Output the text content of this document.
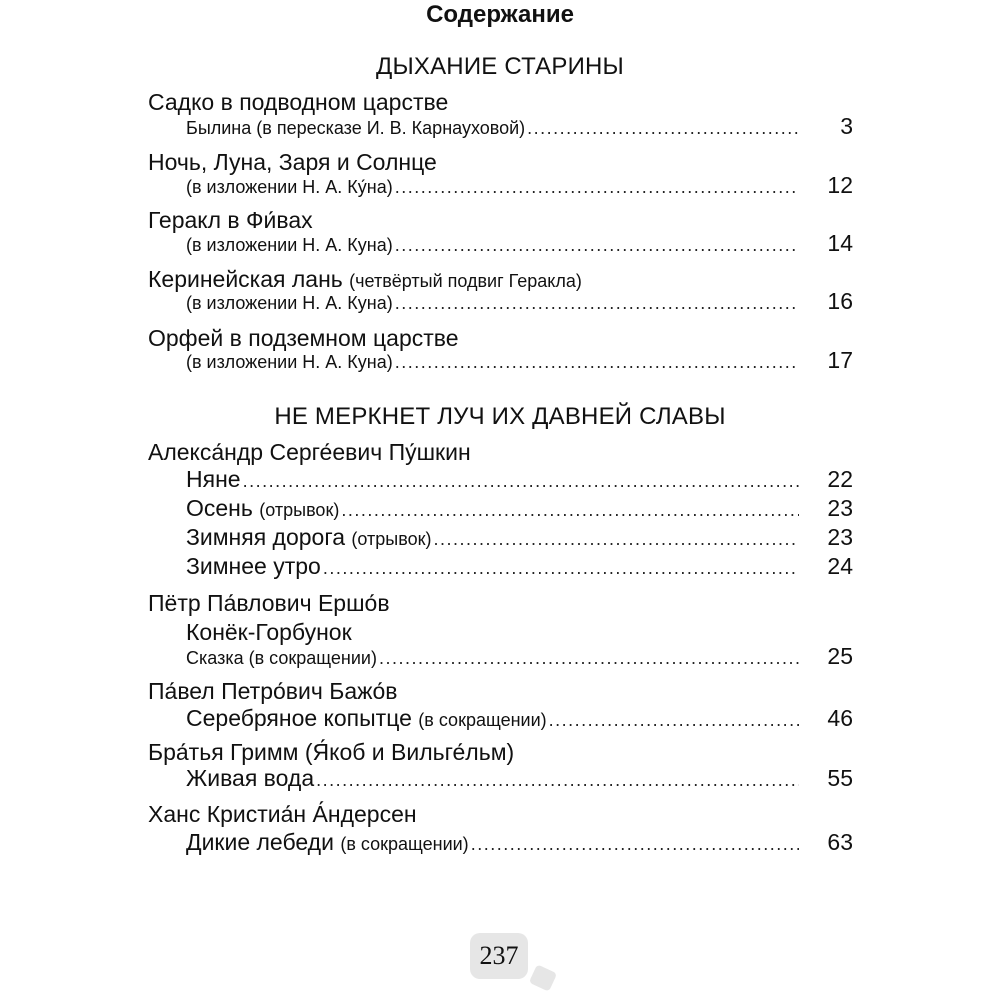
Содержание
ДЫХАНИЕ СТАРИНЫ
Садко в подводном царстве
Былина (в пересказе И. В. Карнауховой) .....	3
Ночь, Луна, Заря и Солнце
(в изложении Н. А. Ку́на) .....	12
Геракл в Фи́вах
(в изложении Н. А. Куна) .....	14
Керинейская лань (четвёртый подвиг Геракла)
(в изложении Н. А. Куна) .....	16
Орфей в подземном царстве
(в изложении Н. А. Куна) .....	17
НЕ МЕРКНЕТ ЛУЧ ИХ ДАВНЕЙ СЛАВЫ
Алекса́ндр Серге́евич Пу́шкин
Няне .....	22
Осень (отрывок) .....	23
Зимняя дорога (отрывок) .....	23
Зимнее утро .....	24
Пётр Па́влович Ершо́в
Конёк-Горбунок
Сказка (в сокращении) .....	25
Па́вел Петро́вич Бажо́в
Серебряное копытце (в сокращении) .....	46
Бра́тья Гримм (Я́коб и Вильге́льм)
Живая вода .....	55
Ханс Кристиа́н А́ндерсен
Дикие лебеди (в сокращении) .....	63
237
